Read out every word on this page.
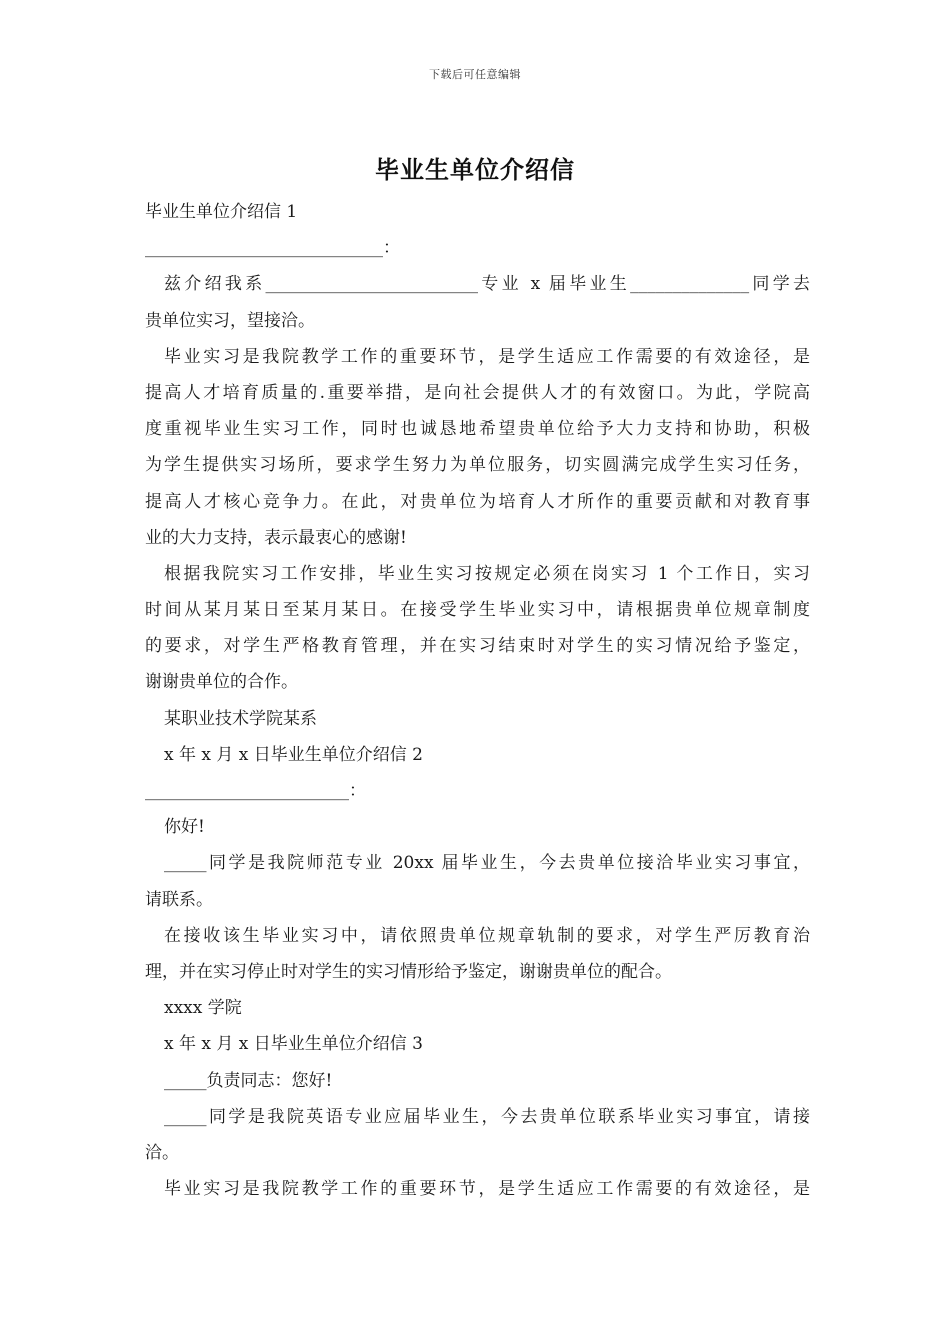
下载后可任意编辑
毕业生单位介绍信
毕业生单位介绍信 1
____________________________：
兹介绍我系_________________________专业 x 届毕业生______________同学去
贵单位实习，望接洽。
毕业实习是我院教学工作的重要环节，是学生适应工作需要的有效途径，是
提高人才培育质量的.重要举措，是向社会提供人才的有效窗口。为此，学院高
度重视毕业生实习工作，同时也诚恳地希望贵单位给予大力支持和协助，积极
为学生提供实习场所，要求学生努力为单位服务，切实圆满完成学生实习任务，
提高人才核心竞争力。在此，对贵单位为培育人才所作的重要贡献和对教育事
业的大力支持，表示最衷心的感谢!
根据我院实习工作安排，毕业生实习按规定必须在岗实习 1 个工作日，实习
时间从某月某日至某月某日。在接受学生毕业实习中，请根据贵单位规章制度
的要求，对学生严格教育管理，并在实习结束时对学生的实习情况给予鉴定，
谢谢贵单位的合作。
某职业技术学院某系
x 年 x 月 x 日毕业生单位介绍信 2
________________________：
你好!
_____同学是我院师范专业 20xx 届毕业生，今去贵单位接洽毕业实习事宜，
请联系。
在接收该生毕业实习中，请依照贵单位规章轨制的要求，对学生严厉教育治
理，并在实习停止时对学生的实习情形给予鉴定，谢谢贵单位的配合。
xxxx 学院
x 年 x 月 x 日毕业生单位介绍信 3
_____负责同志：您好!
_____同学是我院英语专业应届毕业生，今去贵单位联系毕业实习事宜，请接
洽。
毕业实习是我院教学工作的重要环节，是学生适应工作需要的有效途径，是
